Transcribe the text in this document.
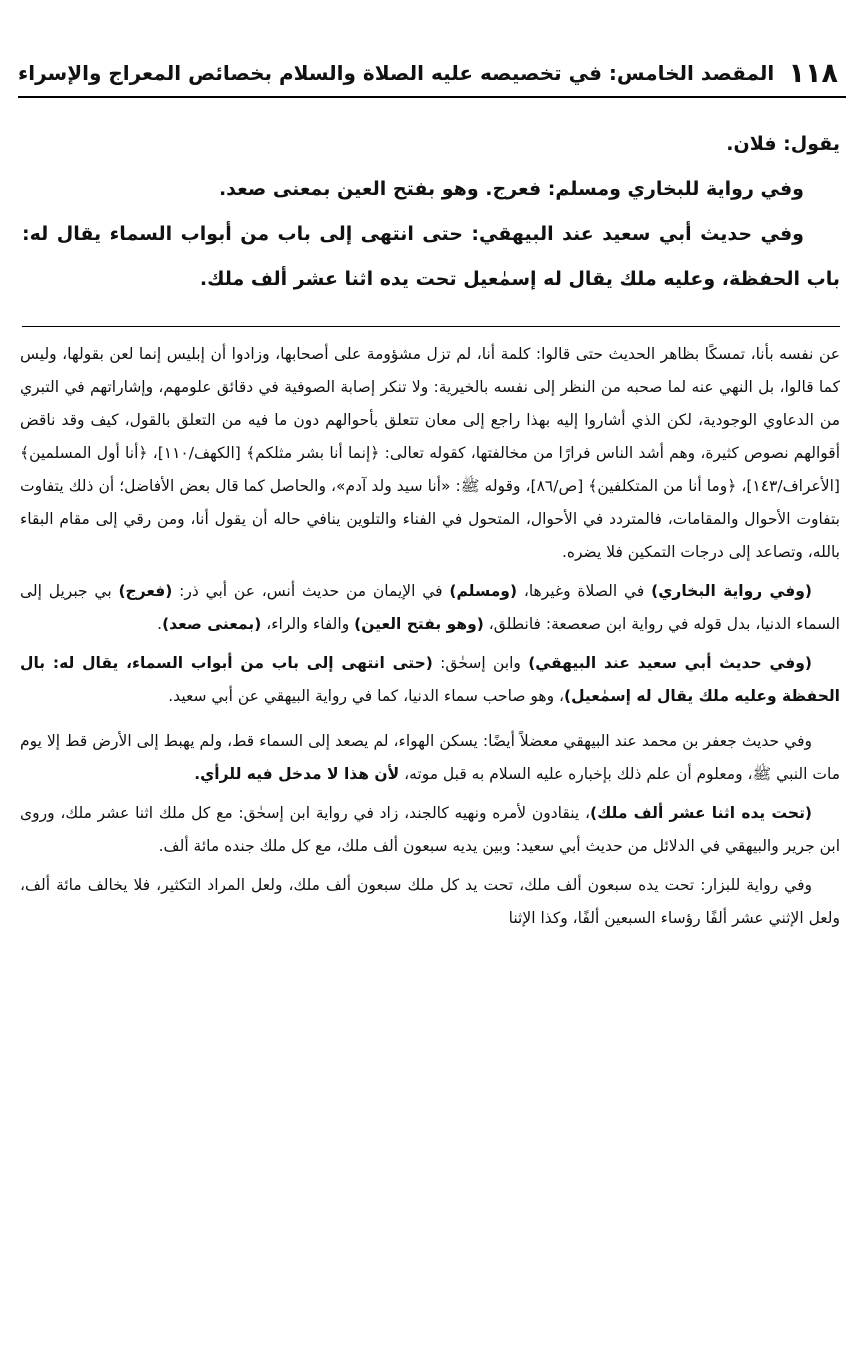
١١٨
المقصد الخامس: في تخصيصه عليه الصلاة والسلام بخصائص المعراج والإسراء

يقول: فلان.

وفي رواية للبخاري ومسلم: فعرج. وهو بفتح العين بمعنى صعد.

وفي حديث أبي سعيد عند البيهقي: حتى انتهى إلى باب من أبواب السماء يقال له: باب الحفظة، وعليه ملك يقال له إسمٰعيل تحت يده اثنا عشر ألف ملك.

عن نفسه بأنا، تمسكًا بظاهر الحديث حتى قالوا: كلمة أنا، لم تزل مشؤومة على أصحابها، وزادوا أن إبليس إنما لعن بقولها، وليس كما قالوا، بل النهي عنه لما صحبه من النظر إلى نفسه بالخيرية: ولا تنكر إصابة الصوفية في دقائق علومهم، وإشاراتهم في التبري من الدعاوي الوجودية، لكن الذي أشاروا إليه بهذا راجع إلى معان تتعلق بأحوالهم دون ما فيه من التعلق بالقول، كيف وقد ناقض أقوالهم نصوص كثيرة، وهم أشد الناس فرارًا من مخالفتها، كقوله تعالى: ﴿إنما أنا بشر مثلكم﴾ [الكهف/١١٠]، ﴿أنا أول المسلمين﴾ [الأعراف/١٤٣]، ﴿وما أنا من المتكلفين﴾ [ص/٨٦]، وقوله ﷺ: «أنا سيد ولد آدم»، والحاصل كما قال بعض الأفاضل؛ أن ذلك يتفاوت بتفاوت الأحوال والمقامات، فالمتردد في الأحوال، المتحول في الفناء والتلوين ينافي حاله أن يقول أنا، ومن رقي إلى مقام البقاء بالله، وتصاعد إلى درجات التمكين فلا يضره.

(وفي رواية البخاري) في الصلاة وغيرها، (ومسلم) في الإيمان من حديث أنس، عن أبي ذر: (فعرج) بي جبريل إلى السماء الدنيا، بدل قوله في رواية ابن صعصعة: فانطلق، (وهو بفتح العين) والفاء والراء، (بمعنى صعد).

(وفي حديث أبي سعيد عند البيهقي) وابن إسحٰق: (حتى انتهى إلى باب من أبواب السماء، يقال له: بال الحفظة وعليه ملك يقال له إسمٰعيل)، وهو صاحب سماء الدنيا، كما في رواية البيهقي عن أبي سعيد.

وفي حديث جعفر بن محمد عند البيهقي معضلاً أيضًا: يسكن الهواء، لم يصعد إلى السماء قط، ولم يهبط إلى الأرض قط إلا يوم مات النبي ﷺ، ومعلوم أن علم ذلك بإخباره عليه السلام به قبل موته، لأن هذا لا مدخل فيه للرأي.

(تحت يده اثنا عشر ألف ملك)، ينقادون لأمره ونهيه كالجند، زاد في رواية ابن إسحٰق: مع كل ملك اثنا عشر ملك، وروى ابن جرير والبيهقي في الدلائل من حديث أبي سعيد: وبين يديه سبعون ألف ملك، مع كل ملك جنده مائة ألف.

وفي رواية للبزار: تحت يده سبعون ألف ملك، تحت يد كل ملك سبعون ألف ملك، ولعل المراد التكثير، فلا يخالف مائة ألف، ولعل الإثني عشر ألفًا رؤساء السبعين ألفًا، وكذا الإثنا
